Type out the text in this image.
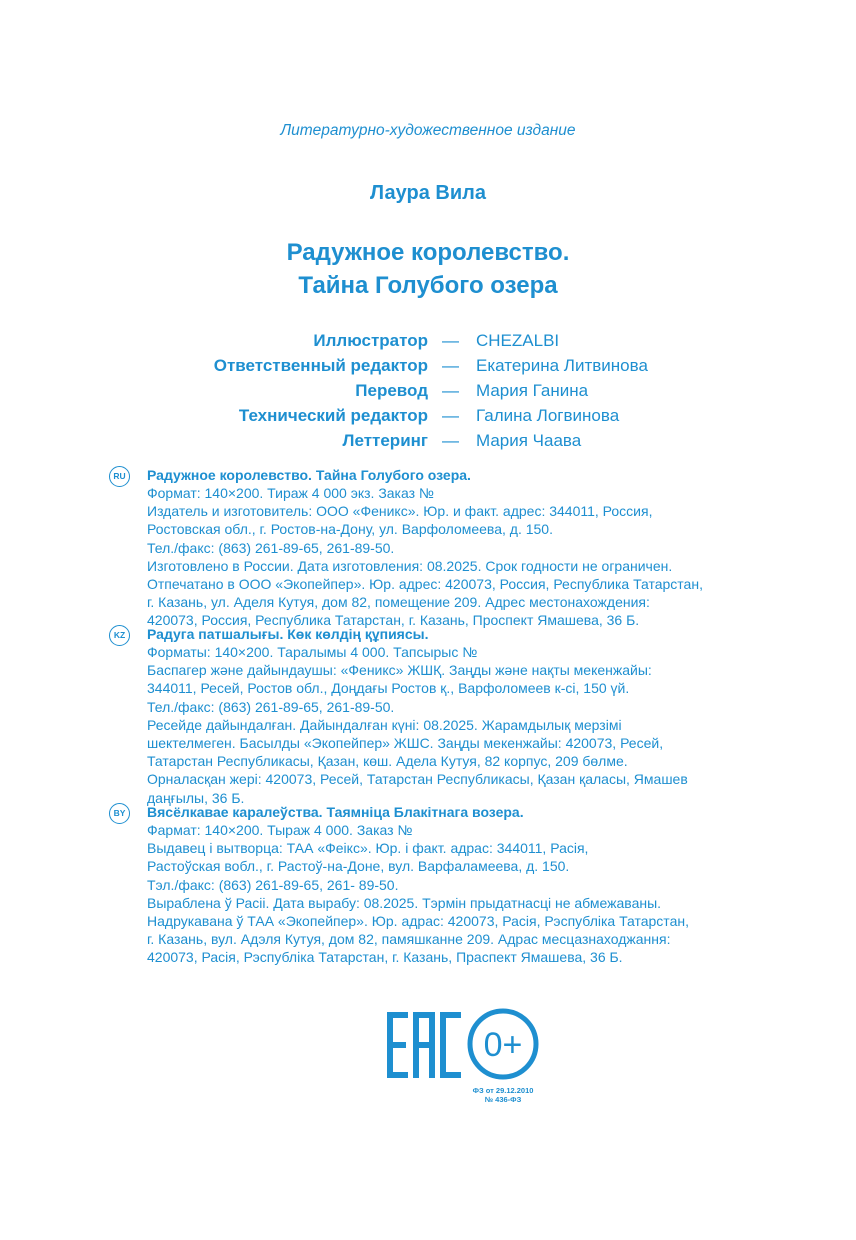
Литературно-художественное издание
Лаура Вила
Радужное королевство.
Тайна Голубого озера
Иллюстратор — CHEZALBI
Ответственный редактор — Екатерина Литвинова
Перевод — Мария Ганина
Технический редактор — Галина Логвинова
Леттеринг — Мария Чаава
RU	Радужное королевство. Тайна Голубого озера.
Формат: 140×200. Тираж 4 000 экз. Заказ №
Издатель и изготовитель: ООО «Феникс». Юр. и факт. адрес: 344011, Россия,
Ростовская обл., г. Ростов-на-Дону, ул. Варфоломеева, д. 150.
Тел./факс: (863) 261-89-65, 261-89-50.
Изготовлено в России. Дата изготовления: 08.2025. Срок годности не ограничен.
Отпечатано в ООО «Экопейпер». Юр. адрес: 420073, Россия, Республика Татарстан,
г. Казань, ул. Аделя Кутуя, дом 82, помещение 209. Адрес местонахождения:
420073, Россия, Республика Татарстан, г. Казань, Проспект Ямашева, 36 Б.
KZ	Радуга патшалығы. Көк көлдің құпиясы.
Форматы: 140×200. Таралымы 4 000. Тапсырыс №
Баспагер және дайындаушы: «Феникс» ЖШҚ. Заңды және нақты мекенжайы:
344011, Ресей, Ростов обл., Доңдағы Ростов қ., Варфоломеев к-сі, 150 үй.
Тел./факс: (863) 261-89-65, 261-89-50.
Ресейде дайындалған. Дайындалған күні: 08.2025. Жарамдылық мерзімі
шектелмеген. Басылды «Экопейпер» ЖШС. Заңды мекенжайы: 420073, Ресей,
Татарстан Республикасы, Қазан, көш. Адела Кутуя, 82 корпус, 209 бөлме.
Орналасқан жері: 420073, Ресей, Татарстан Республикасы, Қазан қаласы, Ямашев
даңғылы, 36 Б.
BY	Вясёлкавае каралеўства. Таямніца Блакітнага возера.
Фармат: 140×200. Тыраж 4 000. Заказ №
Выдавец і вытворца: ТАА «Феікс». Юр. і факт. адрас: 344011, Расія,
Растоўская вобл., г. Растоў-на-Доне, вул. Варфаламеева, д. 150.
Тэл./факс: (863) 261-89-65, 261- 89-50.
Выраблена ў Расіі. Дата вырабу: 08.2025. Тэрмін прыдатнасці не абмежаваны.
Надрукавана ў ТАА «Экопейпер». Юр. адрас: 420073, Расія, Рэспубліка Татарстан,
г. Казань, вул. Адэля Кутуя, дом 82, памяшканне 209. Адрас месцазнаходжання:
420073, Расія, Рэспубліка Татарстан, г. Казань, Праспект Ямашева, 36 Б.
0+
ФЗ от 29.12.2010
№ 436-ФЗ
